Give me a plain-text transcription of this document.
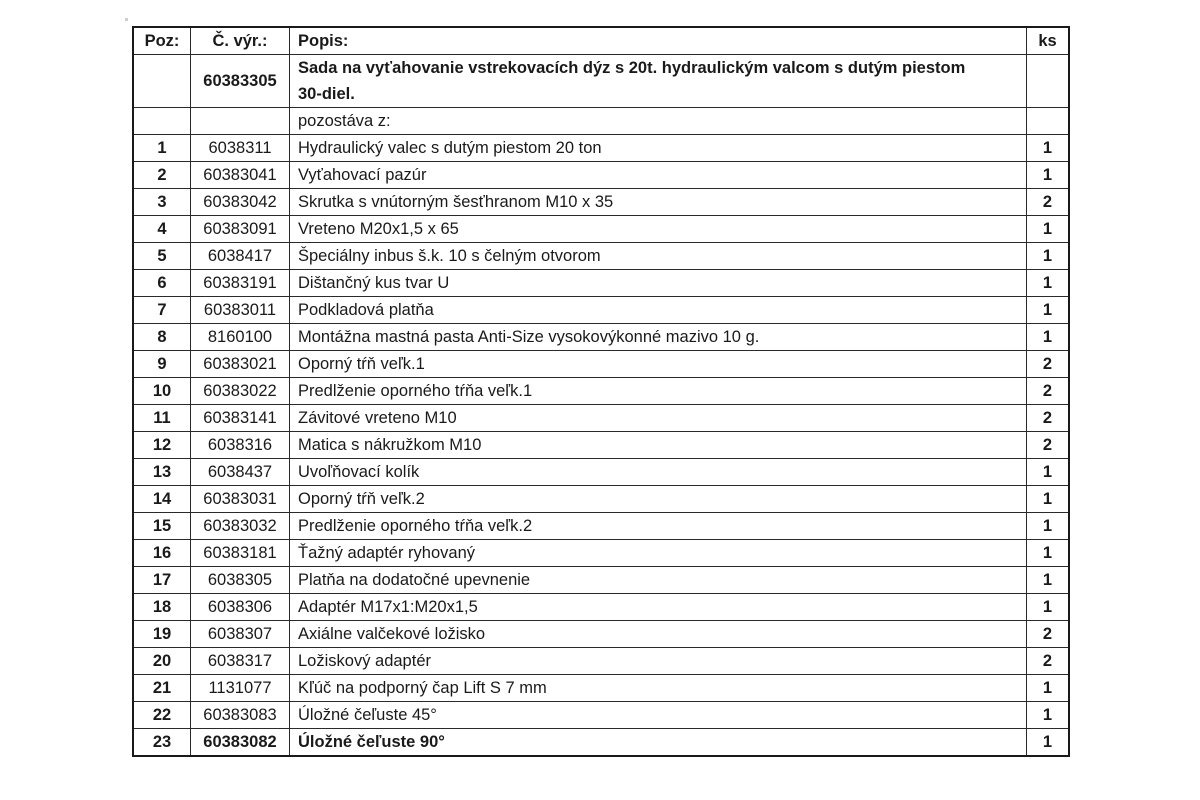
Poz:	Č. výr.:	Popis:	ks
	60383305	Sada na vyťahovanie vstrekovacích dýz s 20t. hydraulickým valcom s dutým piestom 30-diel.	
		pozostáva z:	
1	6038311	Hydraulický valec s dutým piestom 20 ton	1
2	60383041	Vyťahovací pazúr	1
3	60383042	Skrutka s vnútorným šesťhranom M10 x 35	2
4	60383091	Vreteno M20x1,5 x 65	1
5	6038417	Špeciálny inbus š.k. 10 s čelným otvorom	1
6	60383191	Dištančný kus tvar U	1
7	60383011	Podkladová platňa	1
8	8160100	Montážna mastná pasta Anti-Size vysokovýkonné mazivo 10 g.	1
9	60383021	Oporný tŕň veľk.1	2
10	60383022	Predlženie oporného tŕňa veľk.1	2
11	60383141	Závitové vreteno M10	2
12	6038316	Matica s nákružkom M10	2
13	6038437	Uvoľňovací kolík	1
14	60383031	Oporný tŕň veľk.2	1
15	60383032	Predlženie oporného tŕňa veľk.2	1
16	60383181	Ťažný adaptér ryhovaný	1
17	6038305	Platňa na dodatočné upevnenie	1
18	6038306	Adaptér M17x1:M20x1,5	1
19	6038307	Axiálne valčekové ložisko	2
20	6038317	Ložiskový adaptér	2
21	1131077	Kľúč na podporný čap Lift S 7 mm	1
22	60383083	Úložné čeľuste 45°	1
23	60383082	Úložné čeľuste 90°	1
